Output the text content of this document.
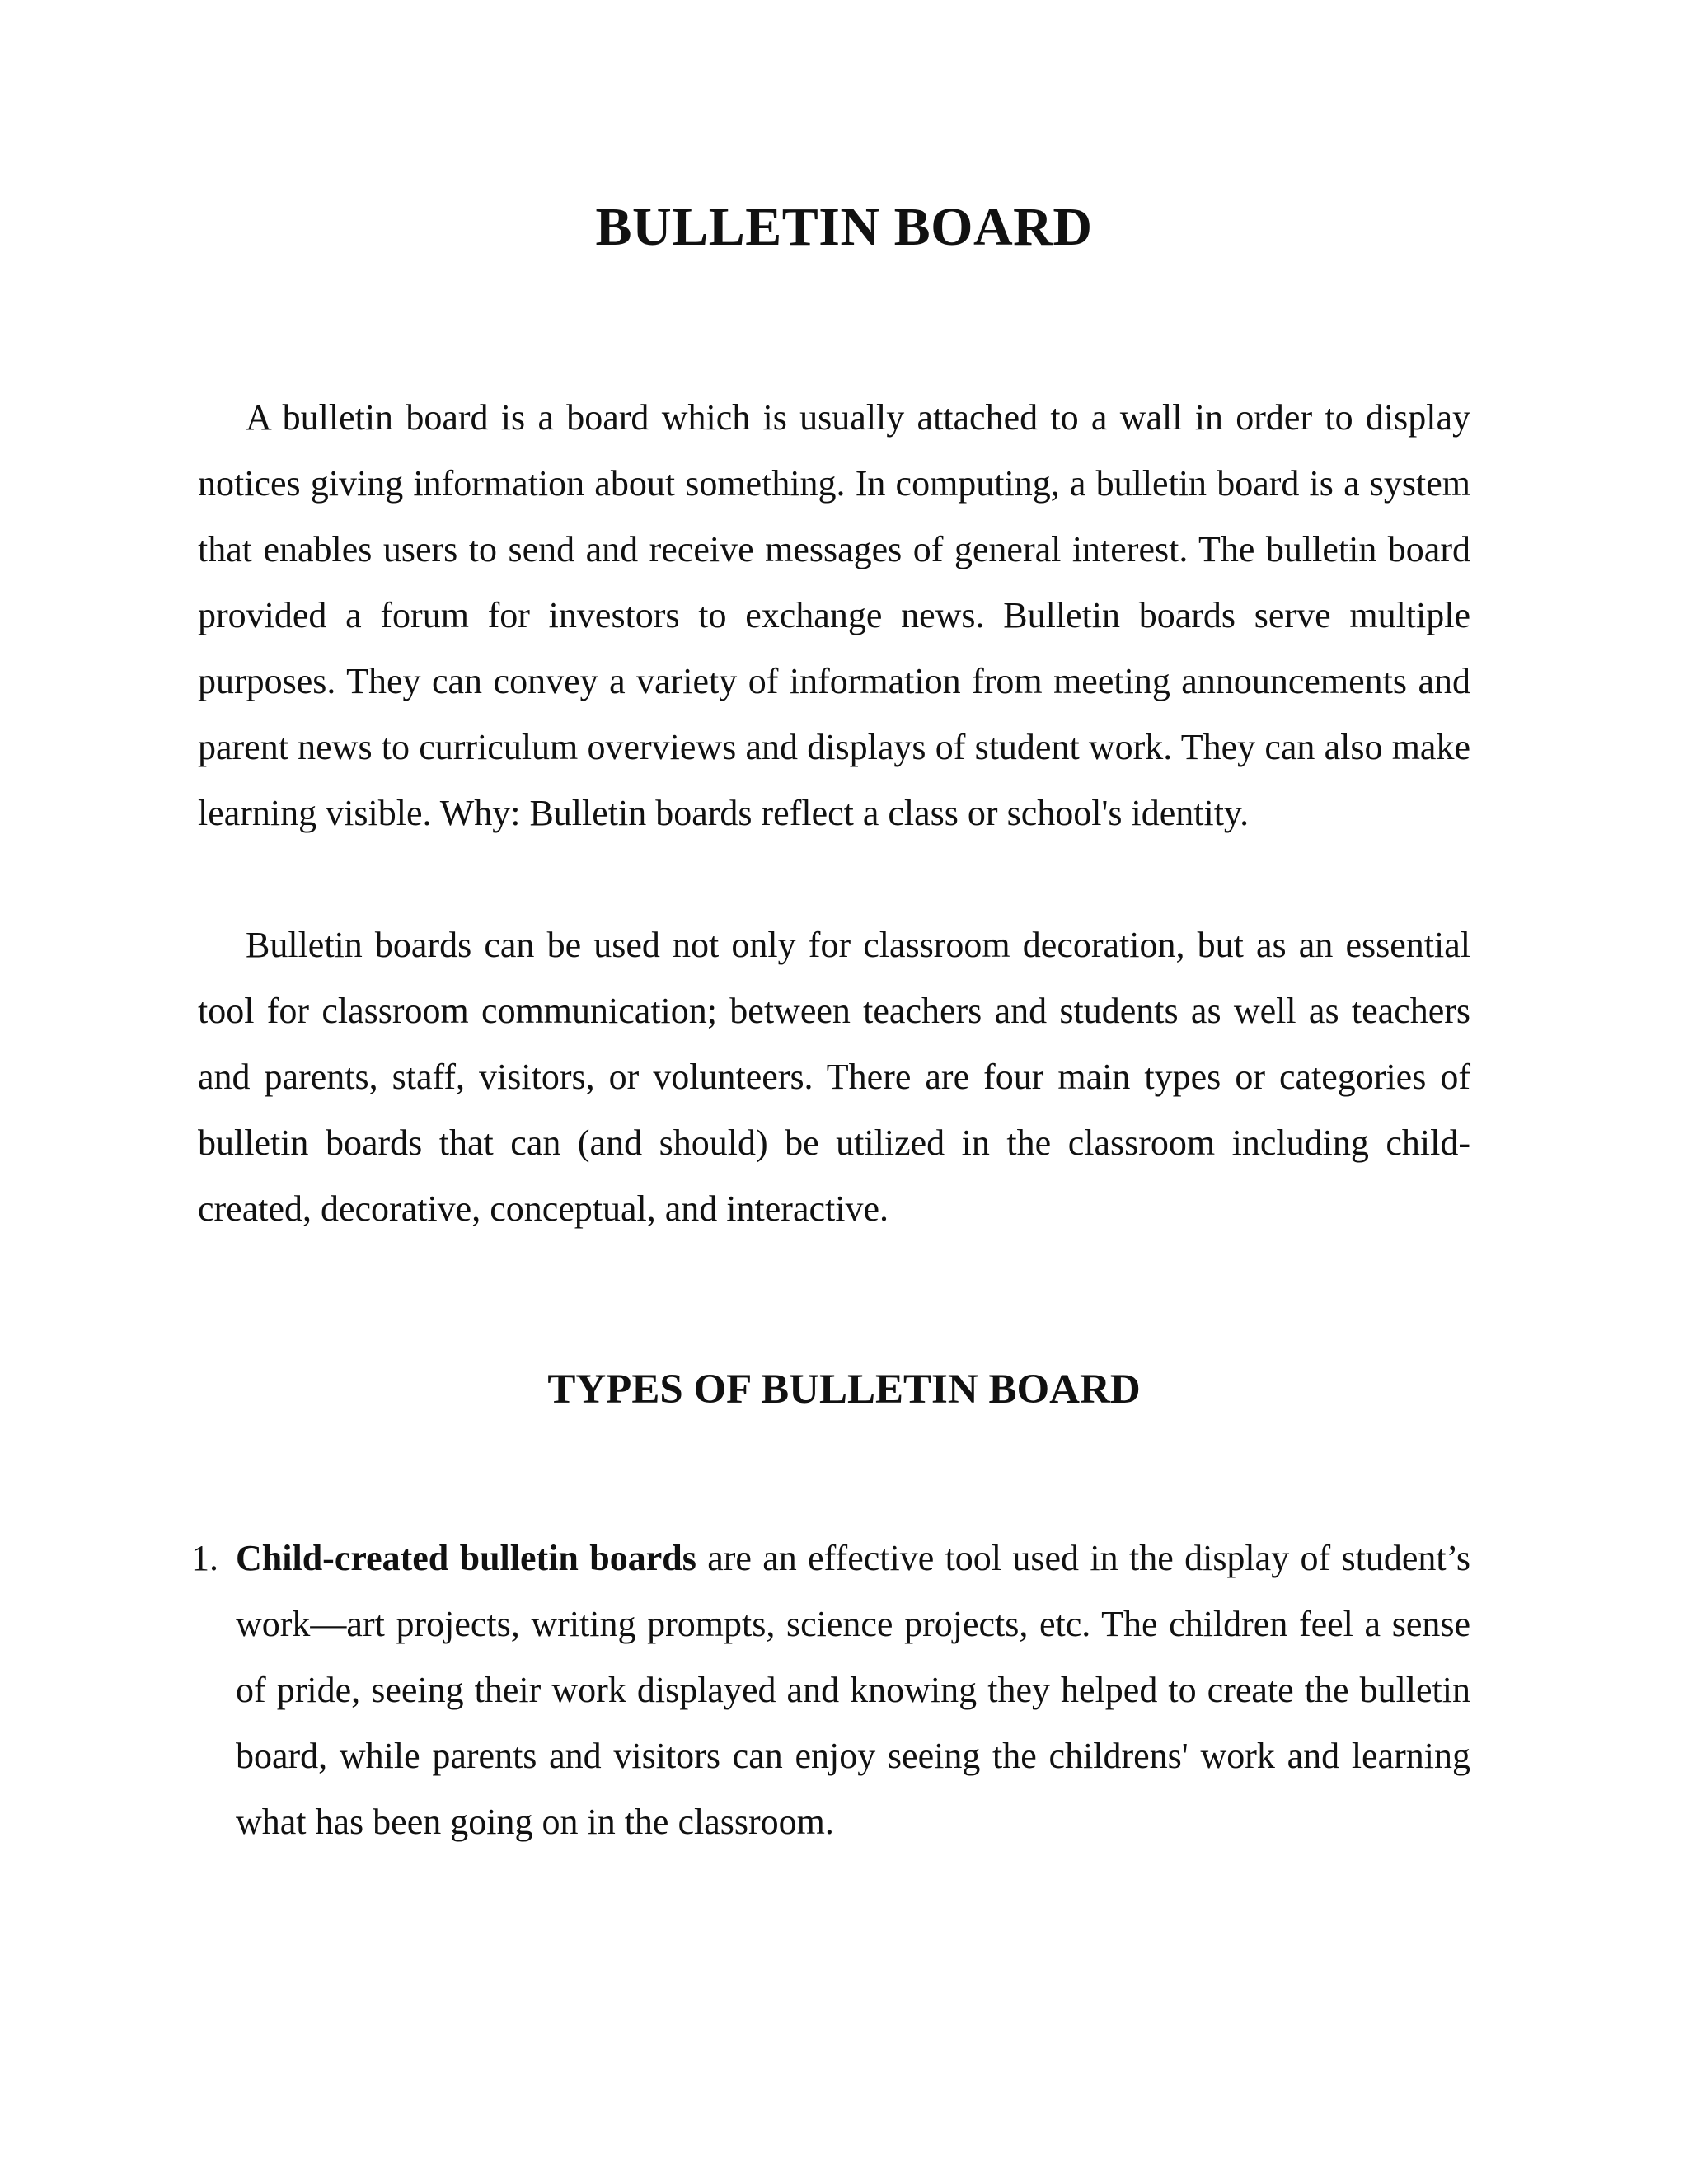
BULLETIN BOARD

A bulletin board is a board which is usually attached to a wall in order to display notices giving information about something. In computing, a bulletin board is a system that enables users to send and receive messages of general interest. The bulletin board provided a forum for investors to exchange news. Bulletin boards serve multiple purposes. They can convey a variety of information from meeting announcements and parent news to curriculum overviews and displays of student work. They can also make learning visible. Why: Bulletin boards reflect a class or school's identity.

Bulletin boards can be used not only for classroom decoration, but as an essential tool for classroom communication; between teachers and students as well as teachers and parents, staff, visitors, or volunteers. There are four main types or categories of bulletin boards that can (and should) be utilized in the classroom including child-created, decorative, conceptual, and interactive.

TYPES OF BULLETIN BOARD
1. Child-created bulletin boards are an effective tool used in the display of student’s work—art projects, writing prompts, science projects, etc. The children feel a sense of pride, seeing their work displayed and knowing they helped to create the bulletin board, while parents and visitors can enjoy seeing the childrens' work and learning what has been going on in the classroom.
